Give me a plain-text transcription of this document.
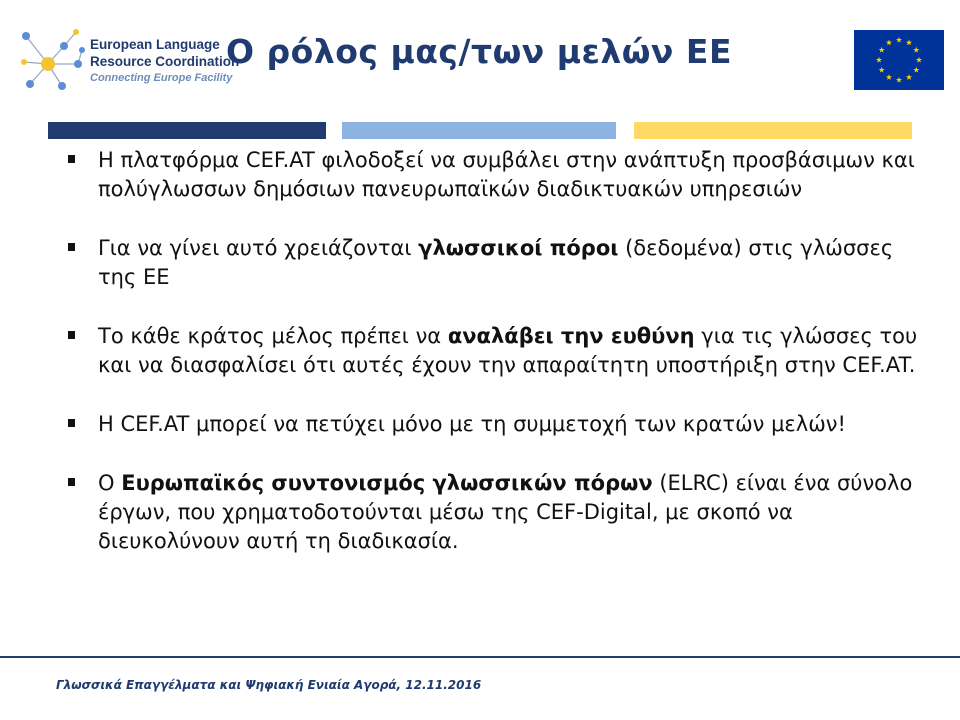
European Language
Resource Coordination
Connecting Europe Facility
Ο ρόλος μας/των μελών ΕΕ
Η πλατφόρμα CEF.AT φιλοδοξεί να συμβάλει στην ανάπτυξη προσβάσιμων και πολύγλωσσων δημόσιων πανευρωπαϊκών διαδικτυακών υπηρεσιών
Για να γίνει αυτό χρειάζονται γλωσσικοί πόροι (δεδομένα) στις γλώσσες της ΕΕ
Το κάθε κράτος μέλος πρέπει να αναλάβει την ευθύνη για τις γλώσσες του και να διασφαλίσει ότι αυτές έχουν την απαραίτητη υποστήριξη στην CEF.AT.
Η CEF.AT μπορεί να πετύχει μόνο με τη συμμετοχή των κρατών μελών!
Ο Ευρωπαϊκός συντονισμός γλωσσικών πόρων (ELRC) είναι ένα σύνολο έργων, που χρηματοδοτούνται μέσω της CEF-Digital, με σκοπό να διευκολύνουν αυτή τη διαδικασία.

Γλωσσικά Επαγγέλματα και Ψηφιακή Ενιαία Αγορά, 12.11.2016
